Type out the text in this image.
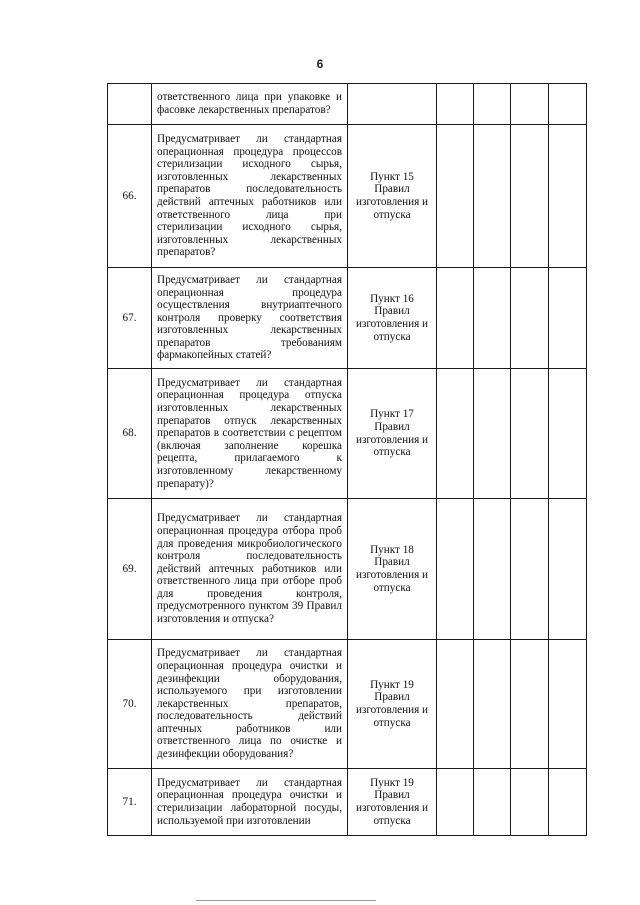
6

	ответственного лица при упаковке и фасовке лекарственных препаратов?					

66.	Предусматривает ли стандартная операционная процедура процессов стерилизации исходного сырья, изготовленных лекарственных препаратов последовательность действий аптечных работников или ответственного лица при стерилизации исходного сырья, изготовленных лекарственных препаратов?	Пункт 15 Правил изготовления и отпуска				
67.	Предусматривает ли стандартная операционная процедура осуществления внутриаптечного контроля проверку соответствия изготовленных лекарственных препаратов требованиям фармакопейных статей?	Пункт 16 Правил изготовления и отпуска				
68.	Предусматривает ли стандартная операционная процедура отпуска изготовленных лекарственных препаратов отпуск лекарственных препаратов в соответствии с рецептом (включая заполнение корешка рецепта, прилагаемого к изготовленному лекарственному препарату)?	Пункт 17 Правил изготовления и отпуска				
69.	Предусматривает ли стандартная операционная процедура отбора проб для проведения микробиологического контроля последовательность действий аптечных работников или ответственного лица при отборе проб для проведения контроля, предусмотренного пунктом 39 Правил изготовления и отпуска?	Пункт 18 Правил изготовления и отпуска				
70.	Предусматривает ли стандартная операционная процедура очистки и дезинфекции оборудования, используемого при изготовлении лекарственных препаратов, последовательность действий аптечных работников или ответственного лица по очистке и дезинфекции оборудования?	Пункт 19 Правил изготовления и отпуска				
71.	Предусматривает ли стандартная операционная процедура очистки и стерилизации лабораторной посуды, используемой при изготовлении	Пункт 19 Правил изготовления и отпуска				
